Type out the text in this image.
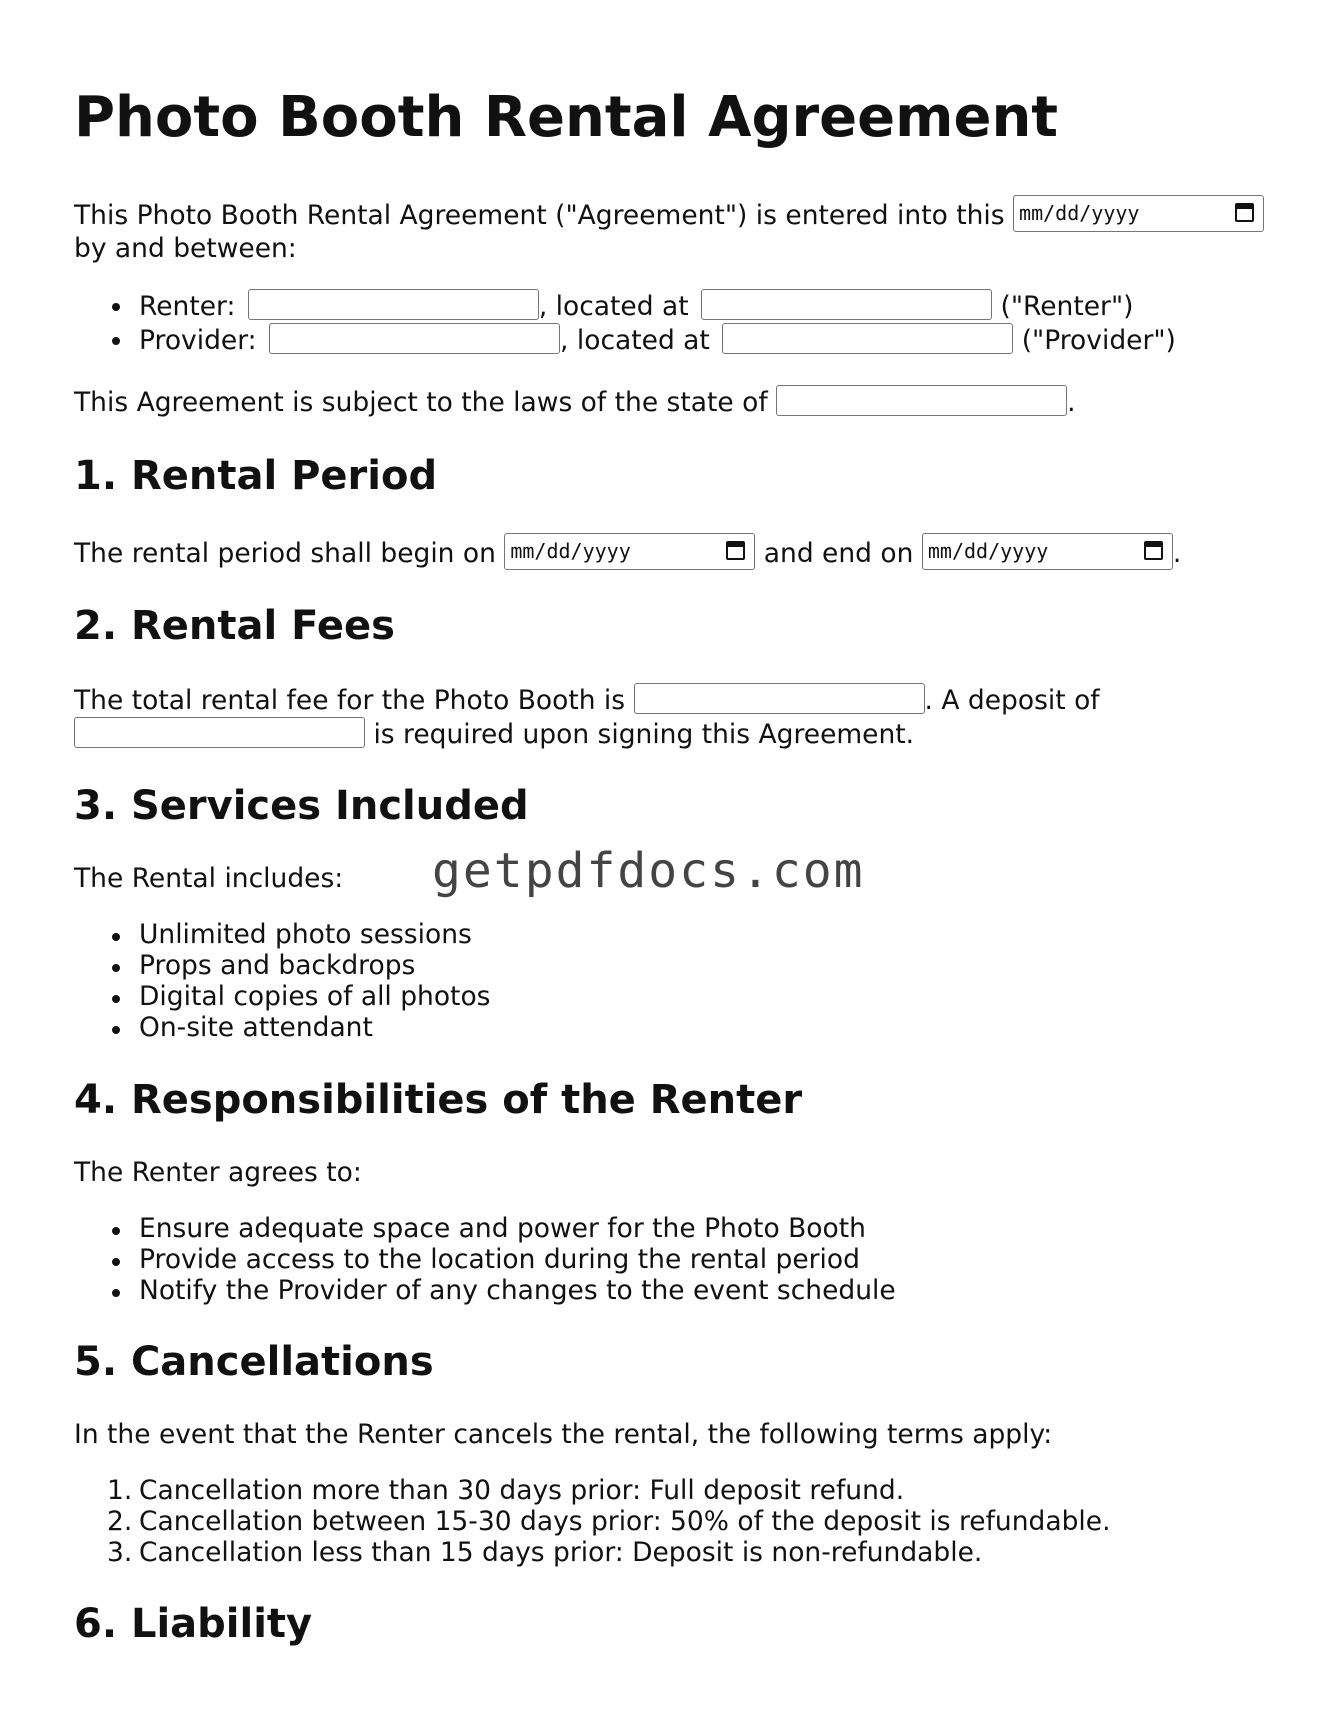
Photo Booth Rental Agreement
This Photo Booth Rental Agreement ("Agreement") is entered into this mm/dd/yyyy
by and between:
Renter:	, located at	("Renter")
Provider:	, located at	("Provider")
This Agreement is subject to the laws of the state of	.
1. Rental Period
The rental period shall begin on mm/dd/yyyy	and end on mm/dd/yyyy	.
2. Rental Fees
The total rental fee for the Photo Booth is	. A deposit of
is required upon signing this Agreement.
3. Services Included
The Rental includes:
Unlimited photo sessions
Props and backdrops
Digital copies of all photos
On-site attendant
4. Responsibilities of the Renter
The Renter agrees to:
Ensure adequate space and power for the Photo Booth
Provide access to the location during the rental period
Notify the Provider of any changes to the event schedule
5. Cancellations
In the event that the Renter cancels the rental, the following terms apply:
1. Cancellation more than 30 days prior: Full deposit refund.
2. Cancellation between 15-30 days prior: 50% of the deposit is refundable.
3. Cancellation less than 15 days prior: Deposit is non-refundable.
6. Liability
getpdfdocs.com
